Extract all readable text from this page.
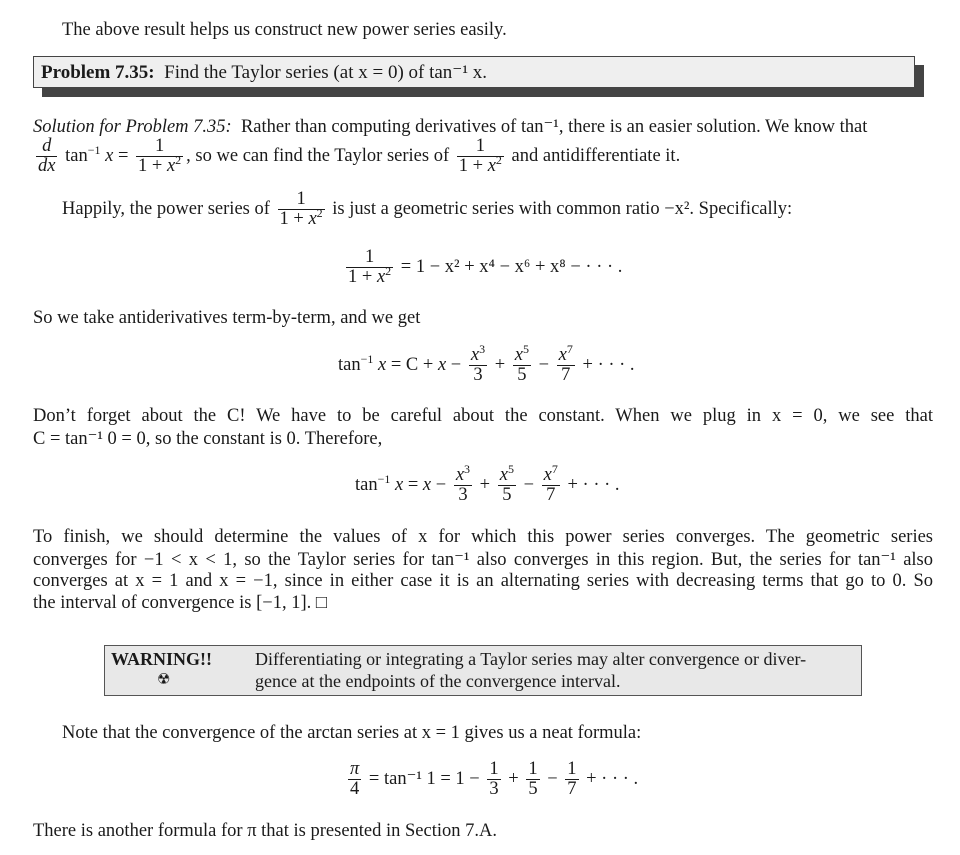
The above result helps us construct new power series easily.
Problem 7.35: Find the Taylor series (at x = 0) of tan⁻¹ x.
Solution for Problem 7.35: Rather than computing derivatives of tan⁻¹, there is an easier solution. We know that
$\frac{d}{dx} \tan^{-1} x = \frac{1}{1 + x^2}$ , so we can find the Taylor series of $\frac{1}{1 + x^2}$ and antidifferentiate it.
Happily, the power series of $\frac{1}{1 + x^2}$ is just a geometric series with common ratio −x². Specifically:
$\frac{1}{1 + x^2} = 1 - x^2 + x^4 - x^6 + x^8$ − · · · .
So we take antiderivatives term-by-term, and we get
$\tan^{-1} x = C + x - \frac{x^3}{3} + \frac{x^5}{5} - \frac{x^7}{7}$ + · · · .
Don’t forget about the C! We have to be careful about the constant. When we plug in x = 0, we see that
C = tan⁻¹ 0 = 0, so the constant is 0. Therefore,
$\tan^{-1} x = x - \frac{x^3}{3} + \frac{x^5}{5} - \frac{x^7}{7}$ + · · · .
To finish, we should determine the values of x for which this power series converges. The geometric series
converges for −1 < x < 1, so the Taylor series for tan⁻¹ also converges in this region. But, the series for tan⁻¹ also
converges at x = 1 and x = −1, since in either case it is an alternating series with decreasing terms that go to 0. So
the interval of convergence is [−1, 1]. □
WARNING!!
☢
Differentiating or integrating a Taylor series may alter convergence or diver-
gence at the endpoints of the convergence interval.
Note that the convergence of the arctan series at x = 1 gives us a neat formula:
$\frac{\pi}{4} = \tan^{-1}$ $1 = 1 - \frac{1}{3} + \frac{1}{5} - \frac{1}{7}$ + · · · .
There is another formula for π that is presented in Section 7.A.
